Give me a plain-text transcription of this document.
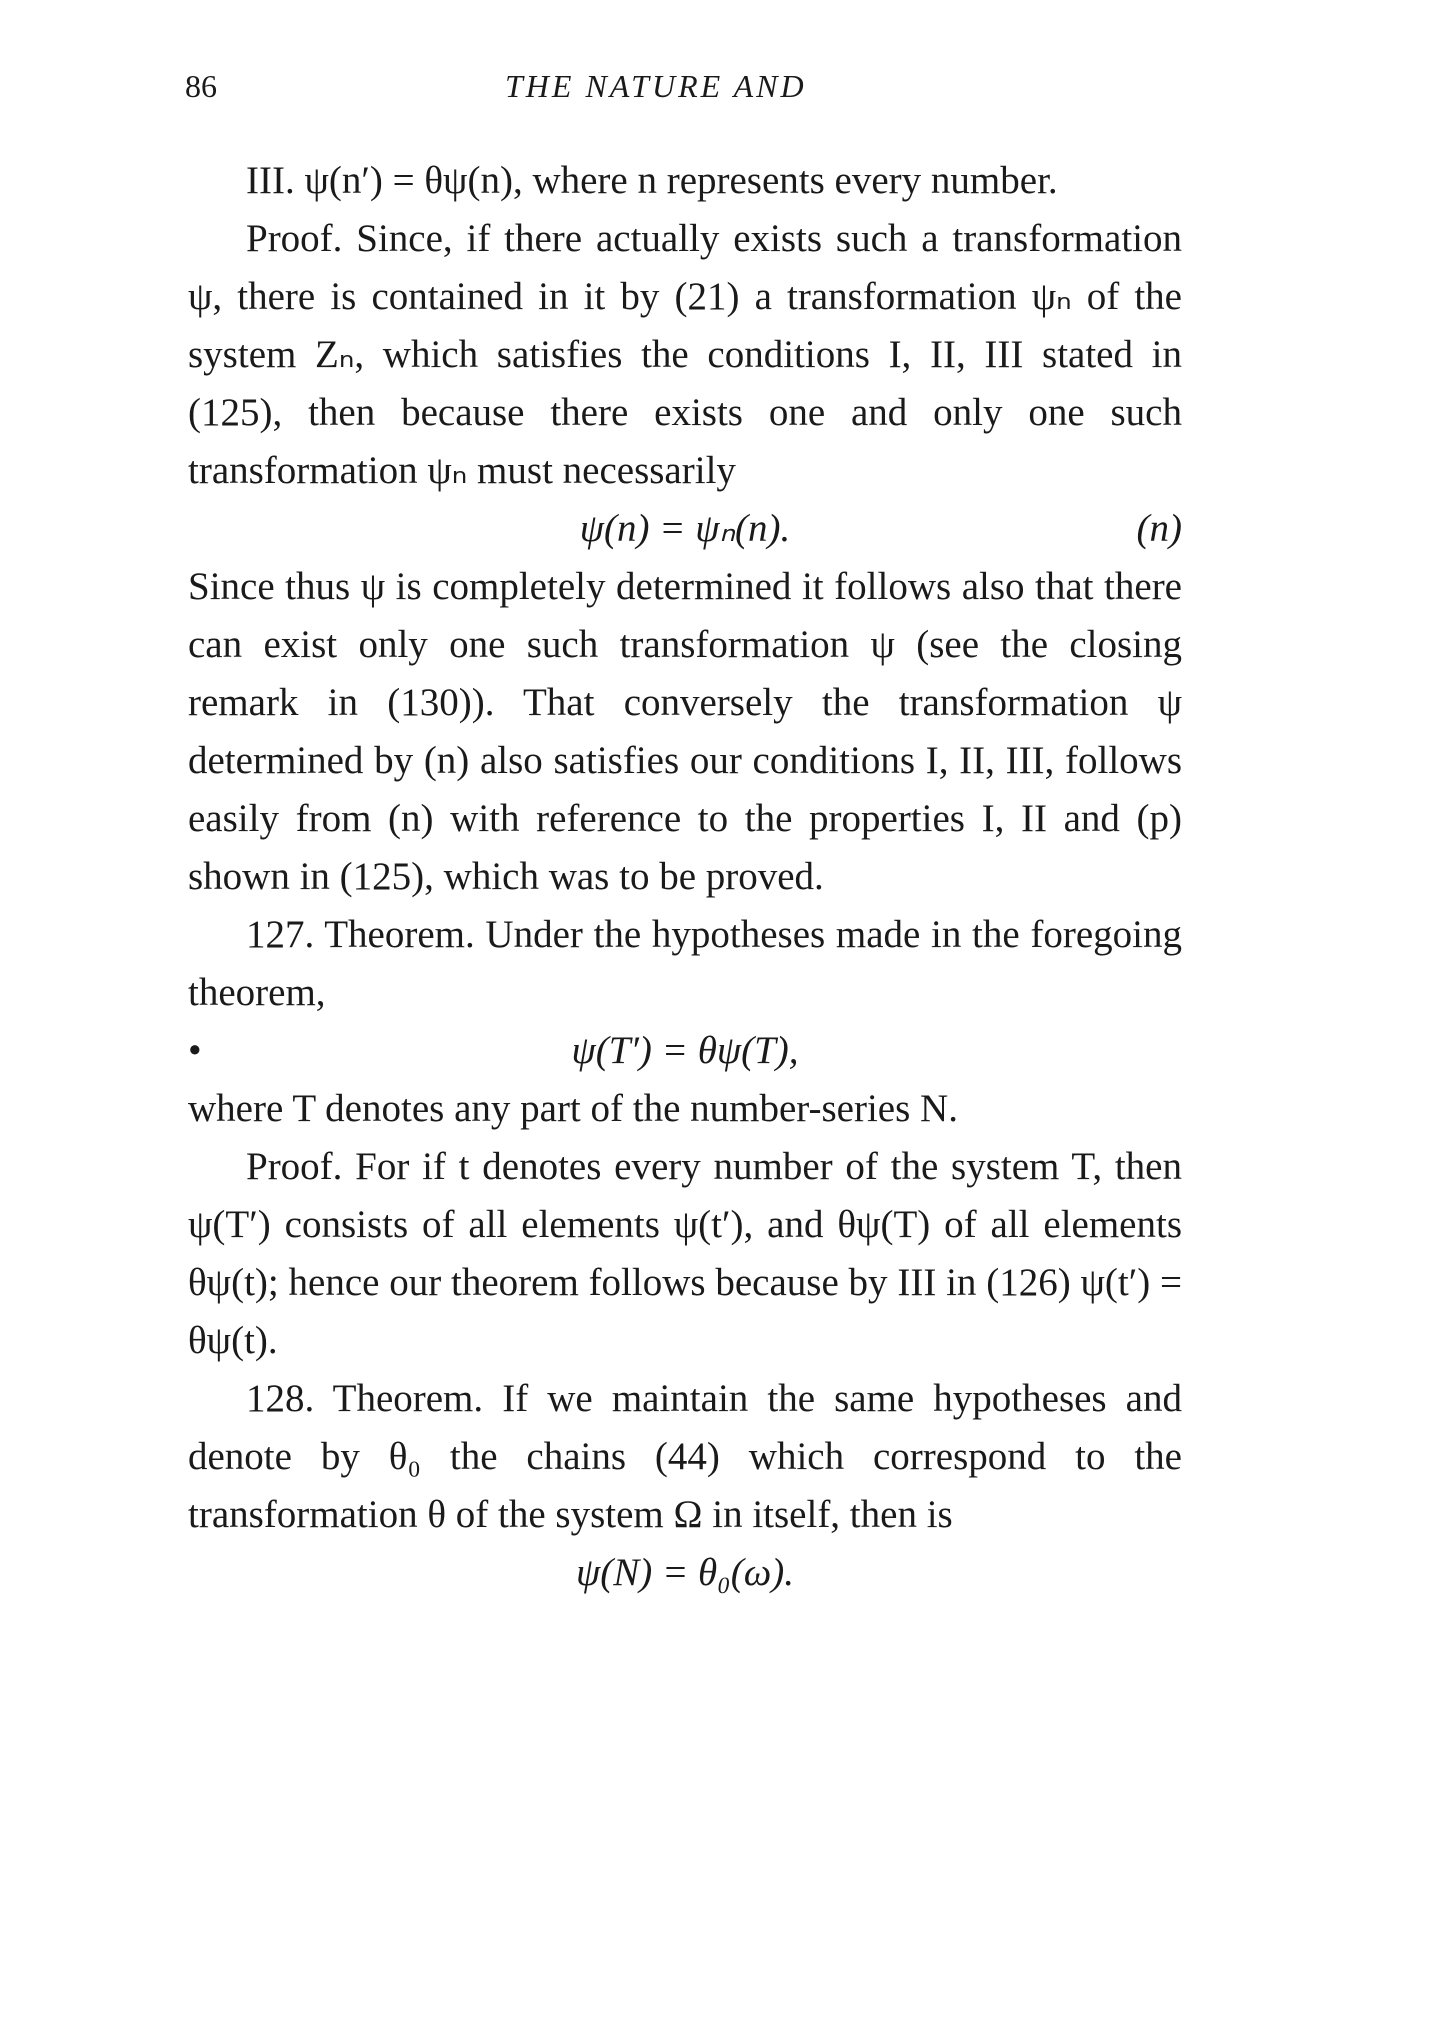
86	THE NATURE AND

III. ψ(n′) = θψ(n), where n represents every number.

Proof. Since, if there actually exists such a transformation ψ, there is contained in it by (21) a transformation ψₙ of the system Zₙ, which satisfies the conditions I, II, III stated in (125), then because there exists one and only one such transformation ψₙ must necessarily

ψ(n) = ψₙ(n).	(n)

Since thus ψ is completely determined it follows also that there can exist only one such transformation ψ (see the closing remark in (130)). That conversely the transformation ψ determined by (n) also satisfies our conditions I, II, III, follows easily from (n) with reference to the properties I, II and (p) shown in (125), which was to be proved.

127. Theorem. Under the hypotheses made in the foregoing theorem,

•	ψ(T′) = θψ(T),

where T denotes any part of the number-series N.

Proof. For if t denotes every number of the system T, then ψ(T′) consists of all elements ψ(t′), and θψ(T) of all elements θψ(t); hence our theorem follows because by III in (126) ψ(t′) = θψ(t).

128. Theorem. If we maintain the same hypotheses and denote by θ₀ the chains (44) which correspond to the transformation θ of the system Ω in itself, then is

ψ(N) = θ₀(ω).
